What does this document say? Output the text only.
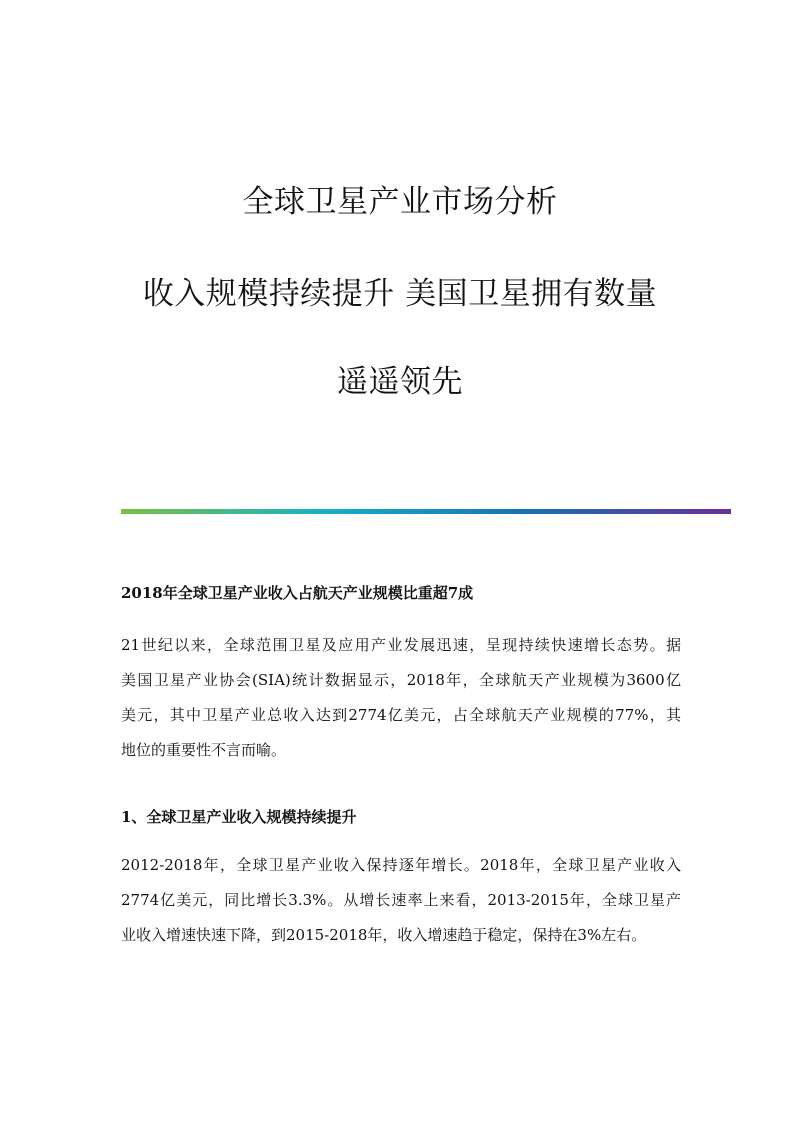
全球卫星产业市场分析
收入规模持续提升 美国卫星拥有数量
遥遥领先
2018年全球卫星产业收入占航天产业规模比重超7成
21世纪以来，全球范围卫星及应用产业发展迅速，呈现持续快速增长态势。据
美国卫星产业协会(SIA)统计数据显示，2018年，全球航天产业规模为3600亿
美元，其中卫星产业总收入达到2774亿美元，占全球航天产业规模的77%，其
地位的重要性不言而喻。
1、全球卫星产业收入规模持续提升
2012-2018年，全球卫星产业收入保持逐年增长。2018年，全球卫星产业收入
2774亿美元，同比增长3.3%。从增长速率上来看，2013-2015年，全球卫星产
业收入增速快速下降，到2015-2018年，收入增速趋于稳定，保持在3%左右。
